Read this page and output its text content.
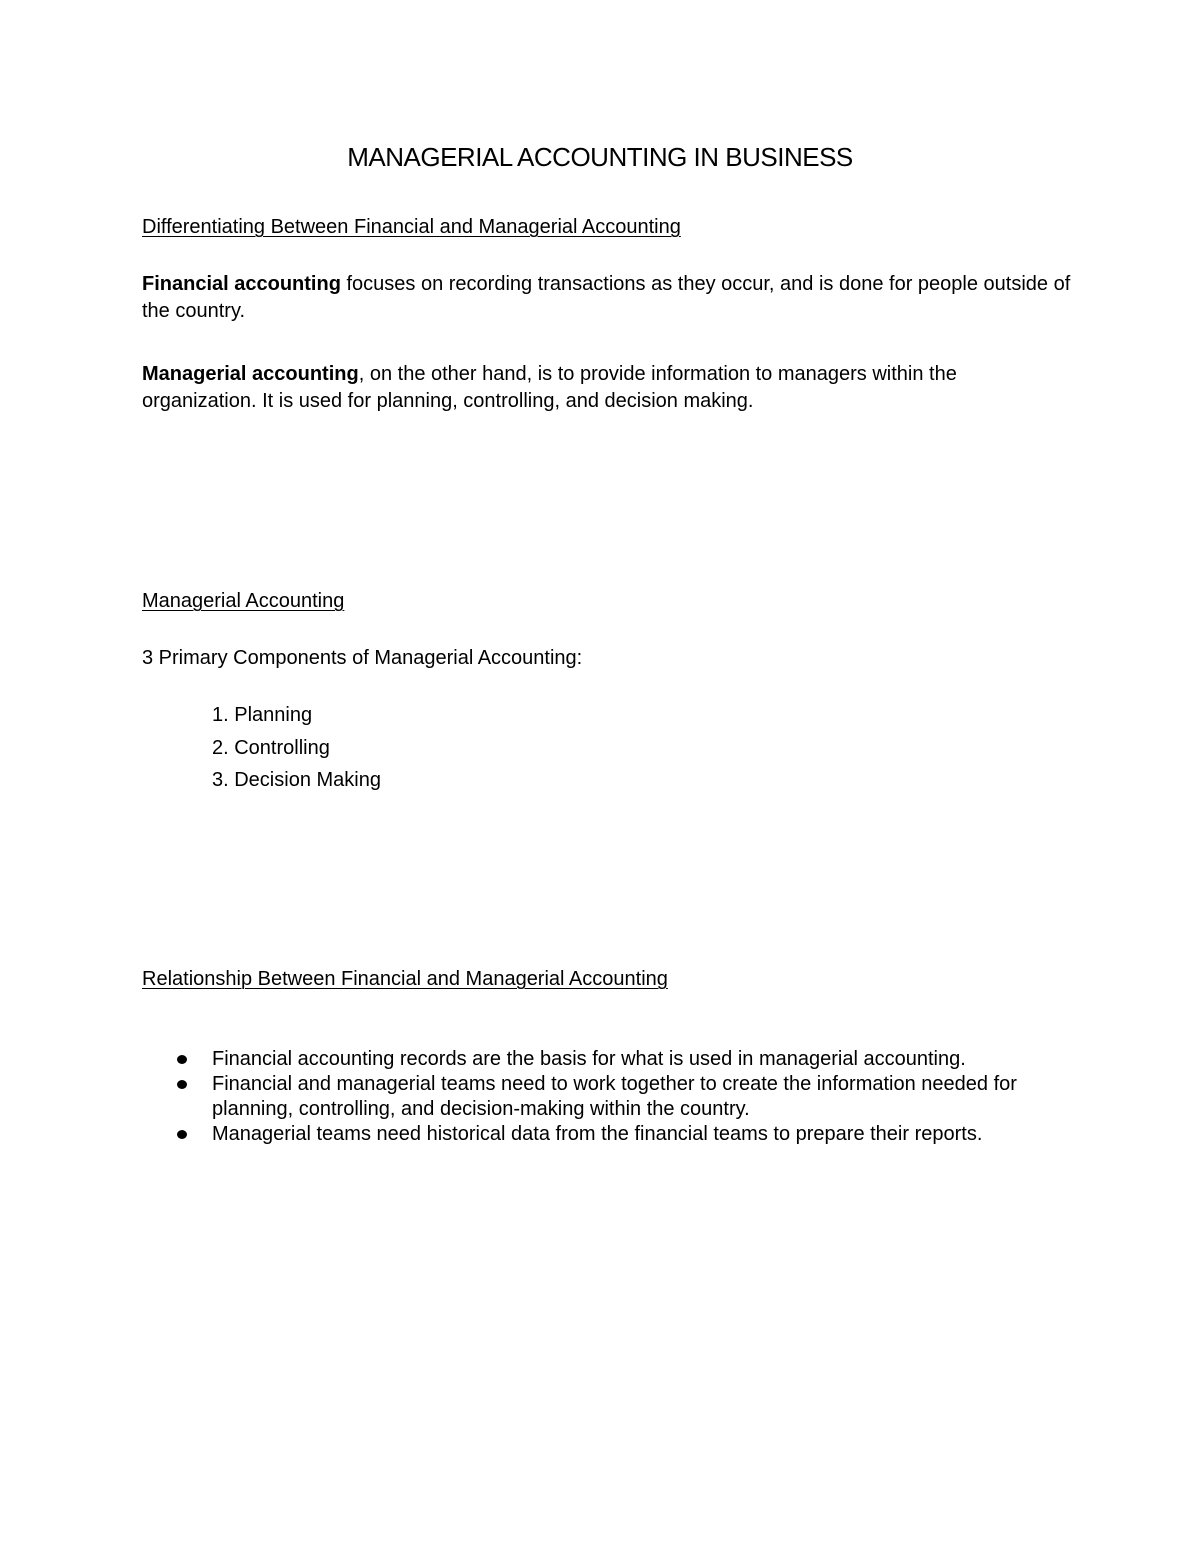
MANAGERIAL ACCOUNTING IN BUSINESS
Differentiating Between Financial and Managerial Accounting
Financial accounting focuses on recording transactions as they occur, and is done for people outside of the country.
Managerial accounting, on the other hand, is to provide information to managers within the organization. It is used for planning, controlling, and decision making.
Managerial Accounting
3 Primary Components of Managerial Accounting:
1. Planning
2. Controlling
3. Decision Making
Relationship Between Financial and Managerial Accounting
Financial accounting records are the basis for what is used in managerial accounting.
Financial and managerial teams need to work together to create the information needed for planning, controlling, and decision-making within the country.
Managerial teams need historical data from the financial teams to prepare their reports.
